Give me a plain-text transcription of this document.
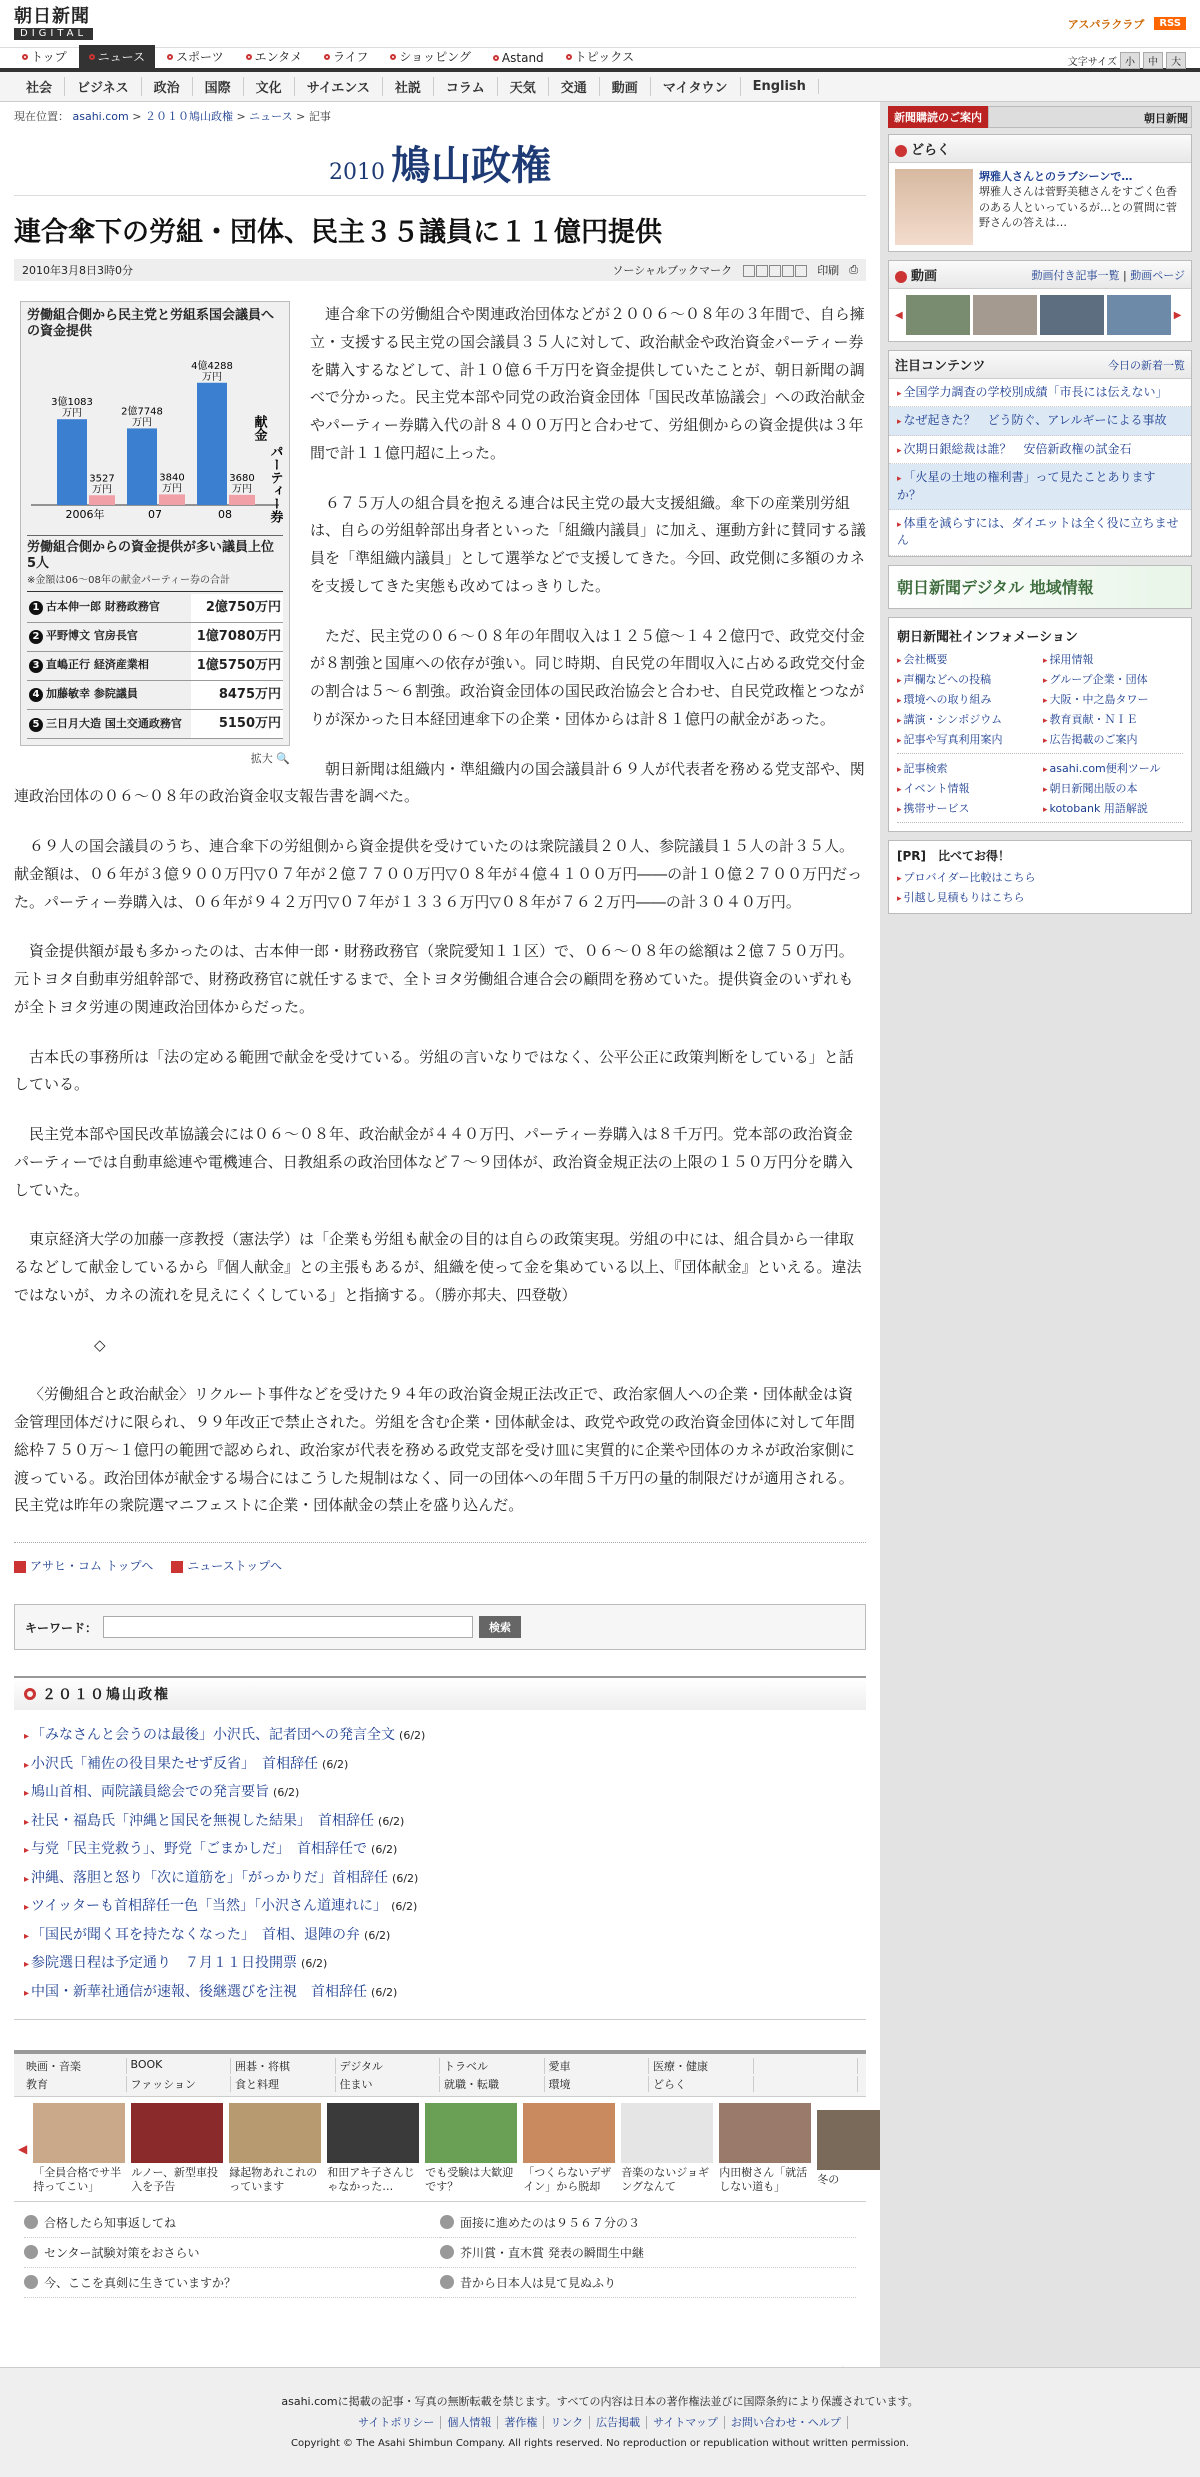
朝日新聞
DIGITAL
アスパラクラブ	RSS
トップ	ニュース	スポーツ	エンタメ	ライフ	ショッピング	Astand	トピックス	文字サイズ 小	中	大
社会	ビジネス	政治	国際	文化	サイエンス	社説	コラム	天気	交通	動画	マイタウン	English
現在位置： asahi.com > ２０１０鳩山政権 > ニュース > 記事
2010 鳩山政権
連合傘下の労組・団体、民主３５議員に１１億円提供
2010年3月8日3時0分	ソーシャルブックマーク	印刷 ⎙
労働組合側から民主党と労組系国会議員への資金提供
3億1083
万円
3527
万円
2006年
2億7748
万円
3840
万円
07
4億4288
万円
3680
万円
08
献金
パーティー券
労働組合側からの資金提供が多い議員上位5人
※金額は06～08年の献金パーティー券の合計
1 古本伸一郎 財務政務官	2億750万円
2 平野博文 官房長官	1億7080万円
3 直嶋正行 経済産業相	1億5750万円
4 加藤敏幸 参院議員	8475万円
5 三日月大造 国土交通政務官	5150万円
拡大 🔍

連合傘下の労働組合や関連政治団体などが２００６～０８年の３年間で、自ら擁立・支援する民主党の国会議員３５人に対して、政治献金や政治資金パーティー券を購入するなどして、計１０億６千万円を資金提供していたことが、朝日新聞の調べで分かった。民主党本部や同党の政治資金団体「国民改革協議会」への政治献金やパーティー券購入代の計８４００万円と合わせて、労組側からの資金提供は３年間で計１１億円超に上った。

６７５万人の組合員を抱える連合は民主党の最大支援組織。傘下の産業別労組は、自らの労組幹部出身者といった「組織内議員」に加え、運動方針に賛同する議員を「準組織内議員」として選挙などで支援してきた。今回、政党側に多額のカネを支援してきた実態も改めてはっきりした。

ただ、民主党の０６～０８年の年間収入は１２５億～１４２億円で、政党交付金が８割強と国庫への依存が強い。同じ時期、自民党の年間収入に占める政党交付金の割合は５～６割強。政治資金団体の国民政治協会と合わせ、自民党政権とつながりが深かった日本経団連傘下の企業・団体からは計８１億円の献金があった。

朝日新聞は組織内・準組織内の国会議員計６９人が代表者を務める党支部や、関連政治団体の０６～０８年の政治資金収支報告書を調べた。

６９人の国会議員のうち、連合傘下の労組側から資金提供を受けていたのは衆院議員２０人、参院議員１５人の計３５人。献金額は、０６年が３億９００万円▽０７年が２億７７００万円▽０８年が４億４１００万円――の計１０億２７００万円だった。パーティー券購入は、０６年が９４２万円▽０７年が１３３６万円▽０８年が７６２万円――の計３０４０万円。

資金提供額が最も多かったのは、古本伸一郎・財務政務官（衆院愛知１１区）で、０６～０８年の総額は２億７５０万円。元トヨタ自動車労組幹部で、財務政務官に就任するまで、全トヨタ労働組合連合会の顧問を務めていた。提供資金のいずれもが全トヨタ労連の関連政治団体からだった。

古本氏の事務所は「法の定める範囲で献金を受けている。労組の言いなりではなく、公平公正に政策判断をしている」と話している。

民主党本部や国民改革協議会には０６～０８年、政治献金が４４０万円、パーティー券購入は８千万円。党本部の政治資金パーティーでは自動車総連や電機連合、日教組系の政治団体など７～９団体が、政治資金規正法の上限の１５０万円分を購入していた。

東京経済大学の加藤一彦教授（憲法学）は「企業も労組も献金の目的は自らの政策実現。労組の中には、組合員から一律取るなどして献金しているから『個人献金』との主張もあるが、組織を使って金を集めている以上、『団体献金』といえる。違法ではないが、カネの流れを見えにくくしている」と指摘する。（勝亦邦夫、四登敬）

◇

〈労働組合と政治献金〉リクルート事件などを受けた９４年の政治資金規正法改正で、政治家個人への企業・団体献金は資金管理団体だけに限られ、９９年改正で禁止された。労組を含む企業・団体献金は、政党や政党の政治資金団体に対して年間総枠７５０万～１億円の範囲で認められ、政治家が代表を務める政党支部を受け皿に実質的に企業や団体のカネが政治家側に渡っている。政治団体が献金する場合にはこうした規制はなく、同一の団体への年間５千万円の量的制限だけが適用される。民主党は昨年の衆院選マニフェストに企業・団体献金の禁止を盛り込んだ。

アサヒ・コム トップへ	ニューストップへ
キーワード：	検索
２０１０鳩山政権
▸ 「みなさんと会うのは最後」小沢氏、記者団への発言全文 (6/2)
▸ 小沢氏「補佐の役目果たせず反省」　首相辞任 (6/2)
▸ 鳩山首相、両院議員総会での発言要旨 (6/2)
▸ 社民・福島氏「沖縄と国民を無視した結果」　首相辞任 (6/2)
▸ 与党「民主党救う」、野党「ごまかしだ」　首相辞任で (6/2)
▸ 沖縄、落胆と怒り「次に道筋を」「がっかりだ」首相辞任 (6/2)
▸ ツイッターも首相辞任一色「当然」「小沢さん道連れに」 (6/2)
▸ 「国民が聞く耳を持たなくなった」　首相、退陣の弁 (6/2)
▸ 参院選日程は予定通り　７月１１日投開票 (6/2)
▸ 中国・新華社通信が速報、後継選びを注視　首相辞任 (6/2)
映画・音楽	BOOK	囲碁・将棋	デジタル	トラベル	愛車	医療・健康
教育	ファッション	食と料理	住まい	就職・転職	環境	どらく
◀
「全員合格でサ半持ってこい」
ルノー、新型車投入を予告
縁起物あれこれのっています
和田アキ子さんじゃなかった…
でも受験は大歓迎です？
「つくらないデザイン」から脱却
音楽のないジョギングなんて
内田樹さん「就活しない道も」
冬の
合格したら知事返してね	面接に進めたのは９５６７分の３
センター試験対策をおさらい	芥川賞・直木賞 発表の瞬間生中継
今、ここを真剣に生きていますか？	昔から日本人は見て見ぬふり
新聞購読のご案内	朝日新聞
どらく
堺雅人さんとのラブシーンで…
堺雅人さんは菅野美穂さんをすごく色香のある人といっているが…との質問に菅野さんの答えは…
動画	動画付き記事一覧 | 動画ページ
◀	▶
注目コンテンツ	今日の新着一覧
▸ 全国学力調査の学校別成績「市長には伝えない」
▸ なぜ起きた？　どう防ぐ、アレルギーによる事故
▸ 次期日銀総裁は誰？　安倍新政権の試金石
▸ 「火星の土地の権利書」って見たことあります か？
▸ 体重を減らすには、ダイエットは全く役に立ちません
朝日新聞デジタル 地域情報
朝日新聞社インフォメーション
▸ 会社概要	▸ 採用情報
▸ 声欄などへの投稿	▸ グループ企業・団体
▸ 環境への取り組み	▸ 大阪・中之島タワー
▸ 講演・シンポジウム	▸ 教育貢献・ＮＩＥ
▸ 記事や写真利用案内	▸ 広告掲載のご案内
▸ 記事検索	▸ asahi.com便利ツール
▸ イベント情報	▸ 朝日新聞出版の本
▸ 携帯サービス	▸ kotobank 用語解説
[PR]　比べてお得！
▸ プロバイダー比較はこちら
▸ 引越し見積もりはこちら
asahi.comに掲載の記事・写真の無断転載を禁じます。すべての内容は日本の著作権法並びに国際条約により保護されています。
サイトポリシー 個人情報 著作権 リンク 広告掲載 サイトマップ お問い合わせ・ヘルプ
Copyright © The Asahi Shimbun Company. All rights reserved. No reproduction or republication without written permission.
